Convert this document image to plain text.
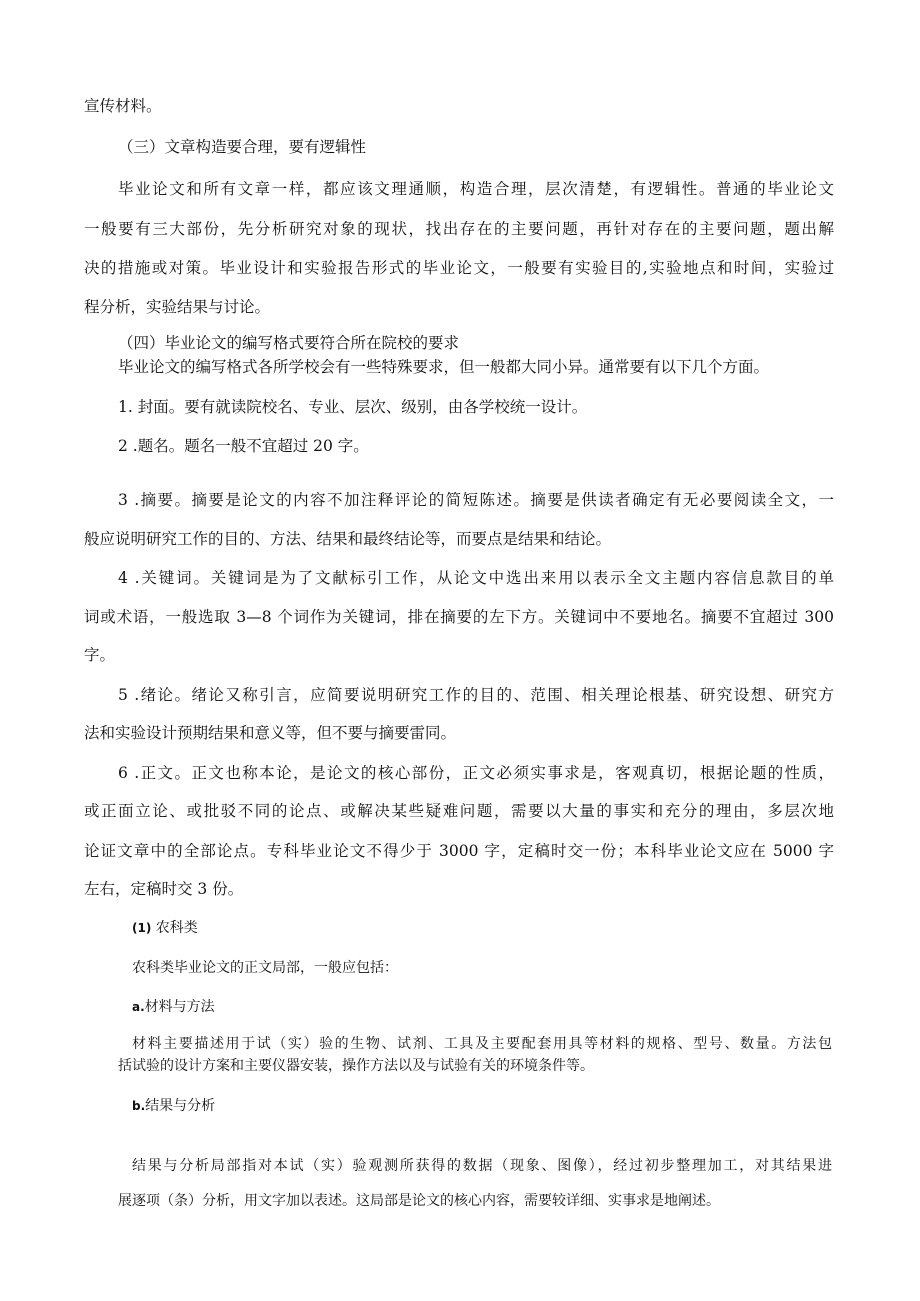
宣传材料。

（三）文章构造要合理，要有逻辑性

毕业论文和所有文章一样，都应该文理通顺，构造合理，层次清楚，有逻辑性。普通的毕业论文

一般要有三大部份，先分析研究对象的现状，找出存在的主要问题，再针对存在的主要问题，题出解

决的措施或对策。毕业设计和实验报告形式的毕业论文，一般要有实验目的,实验地点和时间，实验过

程分析，实验结果与讨论。

（四）毕业论文的编写格式要符合所在院校的要求

毕业论文的编写格式各所学校会有一些特殊要求，但一般都大同小异。通常要有以下几个方面。

1. 封面。要有就读院校名、专业、层次、级别，由各学校统一设计。

2 .题名。题名一般不宜超过 20 字。

3 .摘要。摘要是论文的内容不加注释评论的简短陈述。摘要是供读者确定有无必要阅读全文，一

般应说明研究工作的目的、方法、结果和最终结论等，而要点是结果和结论。

4 .关键词。关键词是为了文献标引工作，从论文中选出来用以表示全文主题内容信息款目的单

词或术语，一般选取 3—8 个词作为关键词，排在摘要的左下方。关键词中不要地名。摘要不宜超过 300

字。

5 .绪论。绪论又称引言，应简要说明研究工作的目的、范围、相关理论根基、研究设想、研究方

法和实验设计预期结果和意义等，但不要与摘要雷同。

6 .正文。正文也称本论，是论文的核心部份，正文必须实事求是，客观真切，根据论题的性质，

或正面立论、或批驳不同的论点、或解决某些疑难问题，需要以大量的事实和充分的理由，多层次地

论证文章中的全部论点。专科毕业论文不得少于 3000 字，定稿时交一份；本科毕业论文应在 5000 字

左右，定稿时交 3 份。

(1) 农科类

农科类毕业论文的正文局部，一般应包括：

a.材料与方法

材料主要描述用于试（实）验的生物、试剂、工具及主要配套用具等材料的规格、型号、数量。方法包

括试验的设计方案和主要仪器安装，操作方法以及与试验有关的环境条件等。

b.结果与分析

结果与分析局部指对本试（实）验观测所获得的数据（现象、图像），经过初步整理加工，对其结果进

展逐项（条）分析，用文字加以表述。这局部是论文的核心内容，需要较详细、实事求是地阐述。
